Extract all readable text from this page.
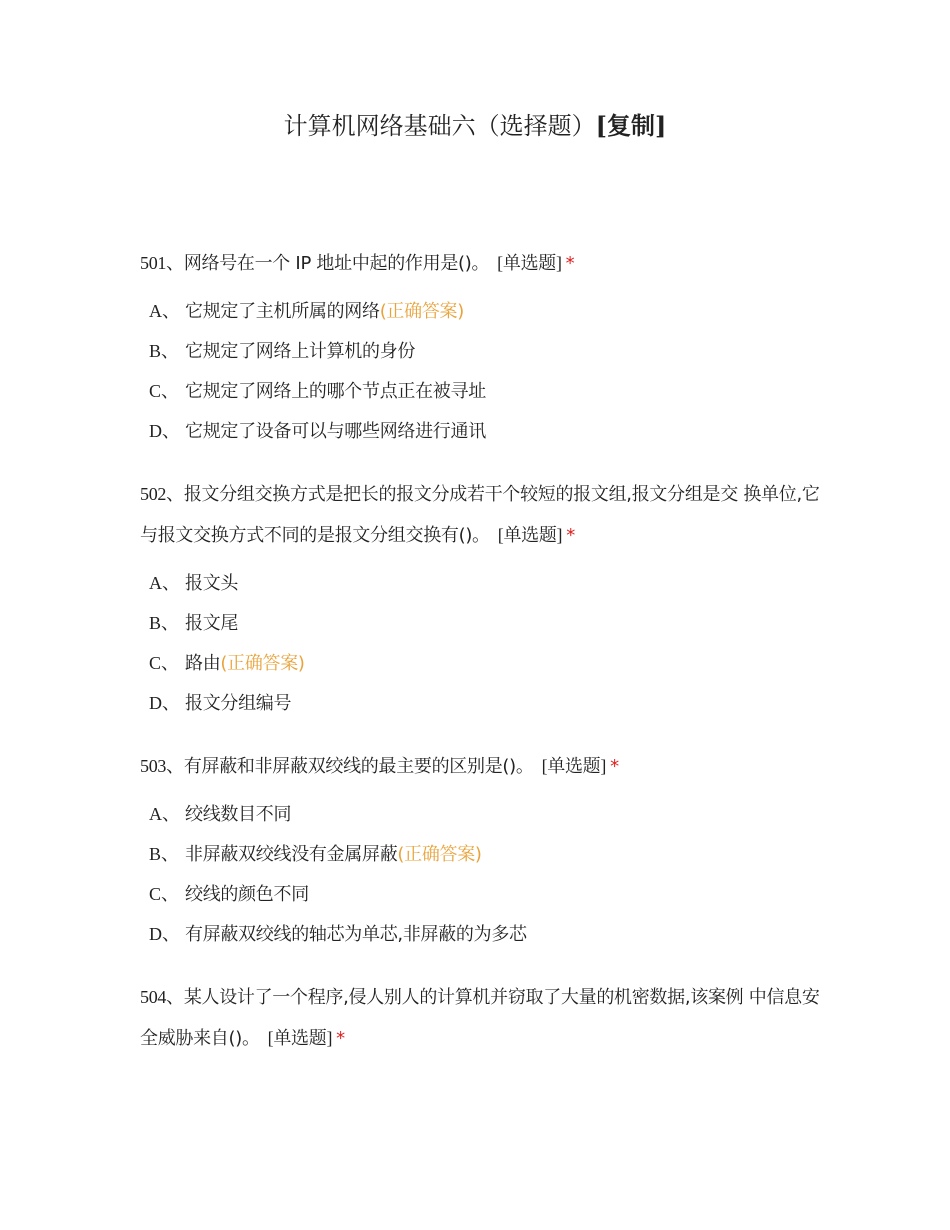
计算机网络基础六（选择题）[复制]
501、网络号在一个 IP 地址中起的作用是()。 [单选题] *
A、 它规定了主机所属的网络 (正确答案)
B、 它规定了网络上计算机的身份
C、 它规定了网络上的哪个节点正在被寻址
D、 它规定了设备可以与哪些网络进行通讯
502、报文分组交换方式是把长的报文分成若干个较短的报文组,报文分组是交 换单位,它与报文交换方式不同的是报文分组交换有()。 [单选题] *
A、 报文头
B、 报文尾
C、 路由 (正确答案)
D、 报文分组编号
503、有屏蔽和非屏蔽双绞线的最主要的区别是()。 [单选题] *
A、 绞线数目不同
B、 非屏蔽双绞线没有金属屏蔽 (正确答案)
C、 绞线的颜色不同
D、 有屏蔽双绞线的轴芯为单芯,非屏蔽的为多芯
504、某人设计了一个程序,侵人别人的计算机并窃取了大量的机密数据,该案例 中信息安全威胁来自()。 [单选题] *
